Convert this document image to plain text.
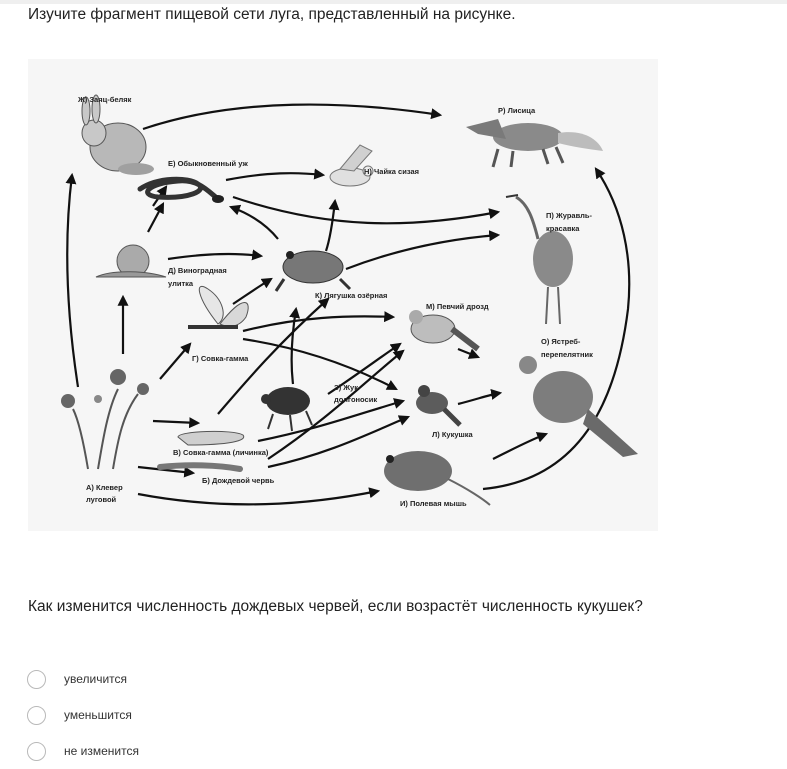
Изучите фрагмент пищевой сети луга, представленный на рисунке.
Ж) Заяц-беляк
Р) Лисица
Е) Обыкновенный уж
Н) Чайка сизая
П) Журавль-
красавка
Д) Виноградная
улитка
К) Лягушка озёрная
М) Певчий дрозд
О) Ястреб-
перепелятник
Г) Совка-гамма
З) Жук-
долгоносик
Л) Кукушка
В) Совка-гамма (личинка)
Б) Дождевой червь
А) Клевер
луговой	И) Полевая мышь
Как изменится численность дождевых червей, если возрастёт численность кукушек?
увеличится
уменьшится
не изменится
